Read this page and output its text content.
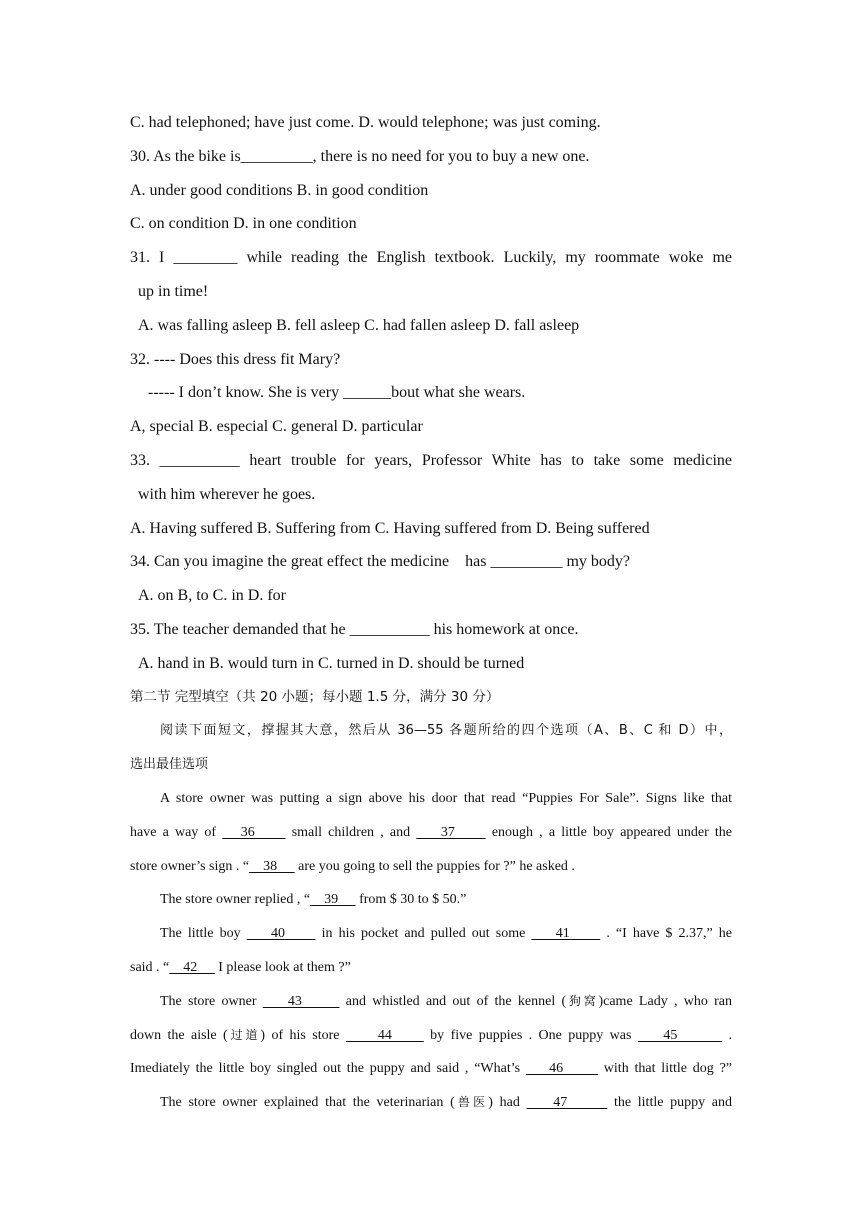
C. had telephoned; have just come. D. would telephone; was just coming.
30. As the bike is_________, there is no need for you to buy a new one.
A. under good conditions B. in good condition
C. on condition D. in one condition
31. I ________ while reading the English textbook. Luckily, my roommate woke me
up in time!
A. was falling asleep B. fell asleep C. had fallen asleep D. fall asleep
32. ---- Does this dress fit Mary?
----- I don’t know. She is very ______bout what she wears.
A, special B. especial C. general D. particular
33. __________ heart trouble for years, Professor White has to take some medicine
with him wherever he goes.
A. Having suffered B. Suffering from C. Having suffered from D. Being suffered
34. Can you imagine the great effect the medicine    has _________ my body?
A. on B, to C. in D. for
35. The teacher demanded that he __________ his homework at once.
A. hand in B. would turn in C. turned in D. should be turned
第二节 完型填空（共 20 小题；每小题 1.5 分，满分 30 分）
阅读下面短文，撑握其大意，然后从 36—55 各题所给的四个选项（A、B、C 和 D）中，
选出最佳选项
A store owner was putting a sign above his door that read “Puppies For Sale”. Signs like that
have a way of    36      small children , and     37      enough , a little boy appeared under the
store owner’s sign . “    38      are you going to sell the puppies for ?” he asked .
The store owner replied , “    39      from $ 30 to $ 50.”
The little boy     40      in his pocket and pulled out some     41      . “I have $ 2.37,” he
said . “    42      I please look at them ?”
The store owner     43       and whistled and out of the kennel (狗窝)came Lady , who ran
down the aisle (过道) of his store      44      by five puppies . One puppy was     45        .
Imediately the little boy singled out the puppy and said , “What’s     46       with that little dog ?”
The store owner explained that the veterinarian (兽医) had     47       the little puppy and
